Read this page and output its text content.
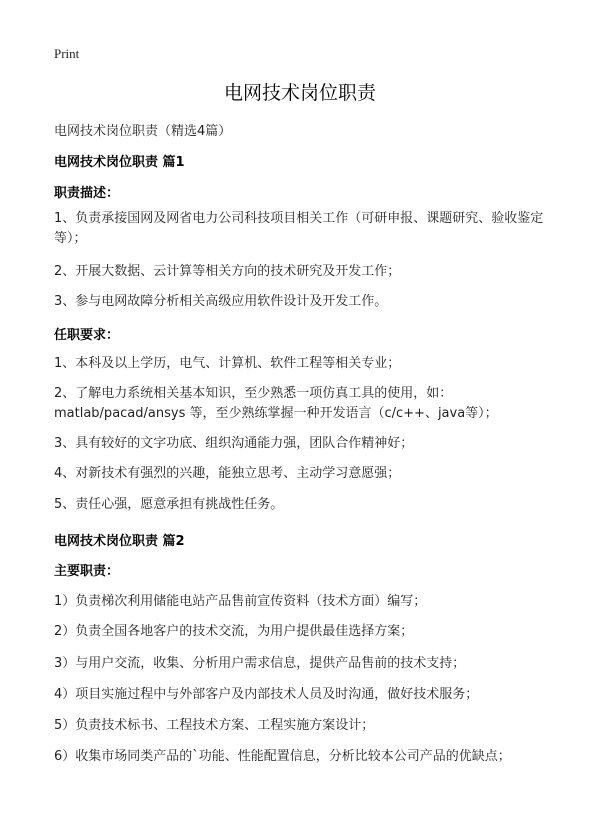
Print
电网技术岗位职责
电网技术岗位职责（精选4篇）
电网技术岗位职责 篇1
职责描述：
1、负责承接国网及网省电力公司科技项目相关工作（可研申报、课题研究、验收鉴定等）；
2、开展大数据、云计算等相关方向的技术研究及开发工作；
3、参与电网故障分析相关高级应用软件设计及开发工作。
任职要求：
1、本科及以上学历，电气、计算机、软件工程等相关专业；
2、了解电力系统相关基本知识，至少熟悉一项仿真工具的使用，如：matlab/pacad/ansys 等，至少熟练掌握一种开发语言（c/c++、java等）；
3、具有较好的文字功底、组织沟通能力强，团队合作精神好；
4、对新技术有强烈的兴趣，能独立思考、主动学习意愿强；
5、责任心强，愿意承担有挑战性任务。
电网技术岗位职责 篇2
主要职责：
1）负责梯次利用储能电站产品售前宣传资料（技术方面）编写；
2）负责全国各地客户的技术交流，为用户提供最佳选择方案；
3）与用户交流，收集、分析用户需求信息，提供产品售前的技术支持；
4）项目实施过程中与外部客户及内部技术人员及时沟通，做好技术服务；
5）负责技术标书、工程技术方案、工程实施方案设计；
6）收集市场同类产品的`功能、性能配置信息，分析比较本公司产品的优缺点；
